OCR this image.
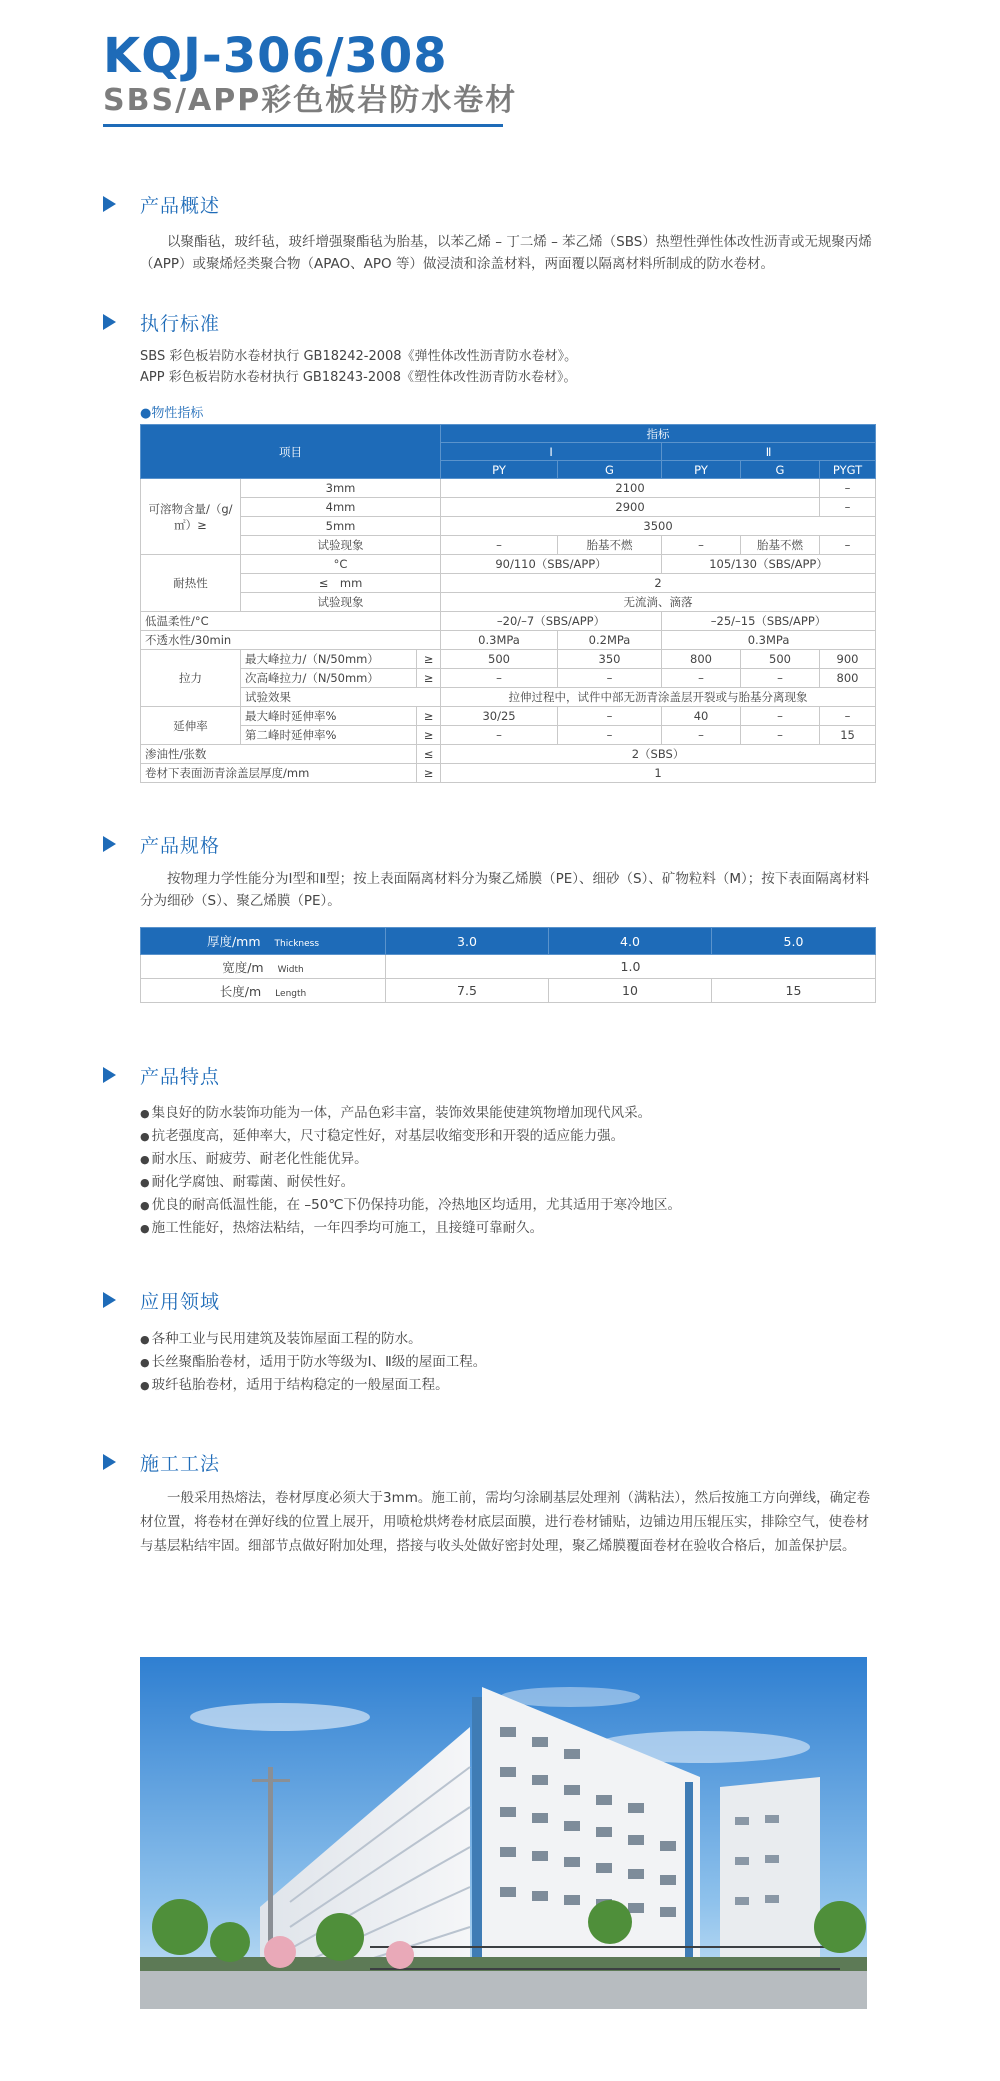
KQJ-306/308
SBS/APP彩色板岩防水卷材
产品概述

以聚酯毡，玻纤毡，玻纤增强聚酯毡为胎基，以苯乙烯 – 丁二烯 – 苯乙烯（SBS）热塑性弹性体改性沥青或无规聚丙烯（APP）或聚烯烃类聚合物（APAO、APO 等）做浸渍和涂盖材料，两面覆以隔离材料所制成的防水卷材。

执行标准
SBS 彩色板岩防水卷材执行 GB18242-2008《弹性体改性沥青防水卷材》。
APP 彩色板岩防水卷材执行 GB18243-2008《塑性体改性沥青防水卷材》。
●物性指标
项目			指标				
			Ⅰ		Ⅱ		
			PY	G	PY	G	PYGT
可溶物含量/（g/㎡）≥	3mm		2100				–
	4mm		2900				–
	5mm		3500				
	试验现象		–	胎基不燃	–	胎基不燃	–
耐热性	°C		90/110（SBS/APP）		105/130（SBS/APP）		
	≤　mm		2				
	试验现象		无流淌、滴落				
低温柔性/°C			–20/–7（SBS/APP）		–25/–15（SBS/APP）		
不透水性/30min			0.3MPa	0.2MPa	0.3MPa		
拉力	最大峰拉力/（N/50mm）	≥	500	350	800	500	900
	次高峰拉力/（N/50mm）	≥	–	–	–	–	800
	试验效果		拉伸过程中，试件中部无沥青涂盖层开裂或与胎基分离现象				
延伸率	最大峰时延伸率%	≥	30/25	–	40	–	–
	第二峰时延伸率%	≥	–	–	–	–	15
渗油性/张数		≤	2（SBS）				
卷材下表面沥青涂盖层厚度/mm		≥	1				
产品规格

按物理力学性能分为Ⅰ型和Ⅱ型；按上表面隔离材料分为聚乙烯膜（PE）、细砂（S）、矿物粒料（M）；按下表面隔离材料分为细砂（S）、聚乙烯膜（PE）。

厚度/mm Thickness	3.0	4.0	5.0
宽度/m Width	1.0		
长度/m Length	7.5	10	15
产品特点
● 集良好的防水装饰功能为一体，产品色彩丰富，装饰效果能使建筑物增加现代风采。
● 抗老强度高，延伸率大，尺寸稳定性好，对基层收缩变形和开裂的适应能力强。
● 耐水压、耐疲劳、耐老化性能优异。
● 耐化学腐蚀、耐霉菌、耐侯性好。
● 优良的耐高低温性能，在 –50℃下仍保持功能，冷热地区均适用，尤其适用于寒冷地区。
● 施工性能好，热熔法粘结，一年四季均可施工，且接缝可靠耐久。
应用领域
● 各种工业与民用建筑及装饰屋面工程的防水。
● 长丝聚酯胎卷材，适用于防水等级为Ⅰ、Ⅱ级的屋面工程。
● 玻纤毡胎卷材，适用于结构稳定的一般屋面工程。
施工工法

一般采用热熔法，卷材厚度必须大于3mm。施工前，需均匀涂刷基层处理剂（满粘法），然后按施工方向弹线，确定卷材位置，将卷材在弹好线的位置上展开，用喷枪烘烤卷材底层面膜，进行卷材铺贴，边铺边用压辊压实，排除空气，使卷材与基层粘结牢固。细部节点做好附加处理，搭接与收头处做好密封处理，聚乙烯膜覆面卷材在验收合格后，加盖保护层。
